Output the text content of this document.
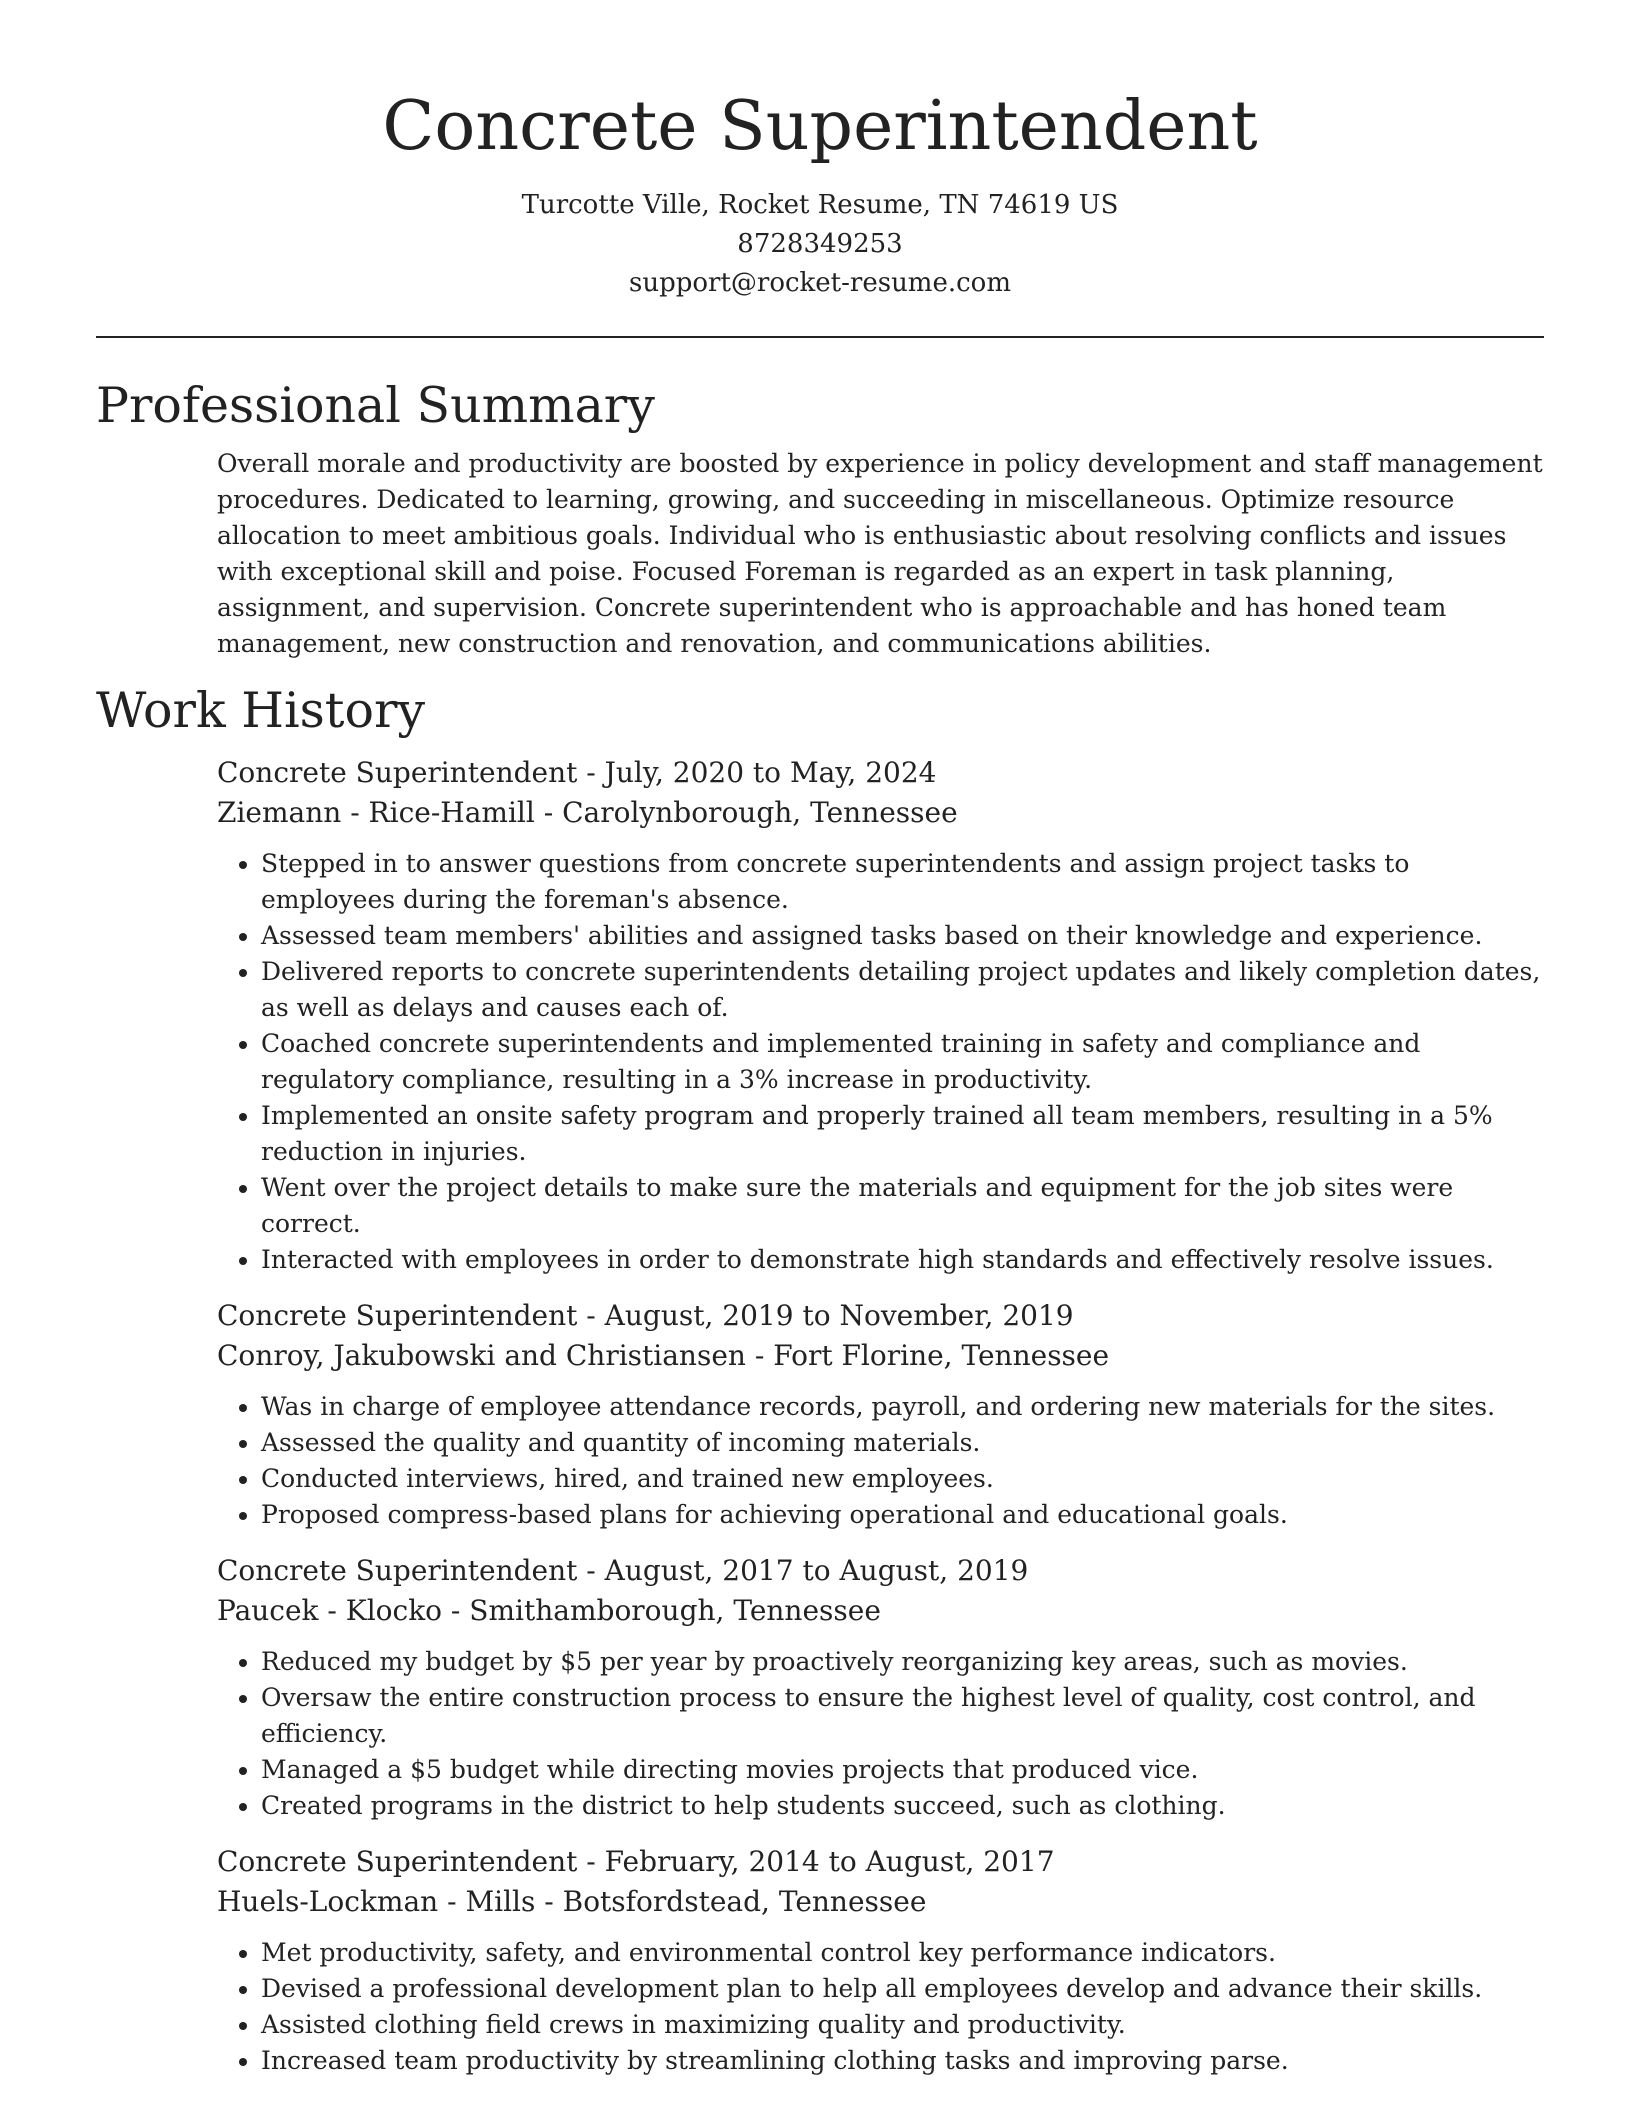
Concrete Superintendent

Turcotte Ville, Rocket Resume, TN 74619 US

8728349253

support@rocket-resume.com

Professional Summary

Overall morale and productivity are boosted by experience in policy development and staff management procedures. Dedicated to learning, growing, and succeeding in miscellaneous. Optimize resource allocation to meet ambitious goals. Individual who is enthusiastic about resolving conflicts and issues with exceptional skill and poise. Focused Foreman is regarded as an expert in task planning, assignment, and supervision. Concrete superintendent who is approachable and has honed team management, new construction and renovation, and communications abilities.

Work History

Concrete Superintendent - July, 2020 to May, 2024

Ziemann - Rice-Hamill - Carolynborough, Tennessee

• Stepped in to answer questions from concrete superintendents and assign project tasks to employees during the foreman's absence.
• Assessed team members' abilities and assigned tasks based on their knowledge and experience.
• Delivered reports to concrete superintendents detailing project updates and likely completion dates, as well as delays and causes each of.
• Coached concrete superintendents and implemented training in safety and compliance and regulatory compliance, resulting in a 3% increase in productivity.
• Implemented an onsite safety program and properly trained all team members, resulting in a 5% reduction in injuries.
• Went over the project details to make sure the materials and equipment for the job sites were correct.
• Interacted with employees in order to demonstrate high standards and effectively resolve issues.

Concrete Superintendent - August, 2019 to November, 2019

Conroy, Jakubowski and Christiansen - Fort Florine, Tennessee

• Was in charge of employee attendance records, payroll, and ordering new materials for the sites.
• Assessed the quality and quantity of incoming materials.
• Conducted interviews, hired, and trained new employees.
• Proposed compress-based plans for achieving operational and educational goals.

Concrete Superintendent - August, 2017 to August, 2019

Paucek - Klocko - Smithamborough, Tennessee

• Reduced my budget by $5 per year by proactively reorganizing key areas, such as movies.
• Oversaw the entire construction process to ensure the highest level of quality, cost control, and efficiency.
• Managed a $5 budget while directing movies projects that produced vice.
• Created programs in the district to help students succeed, such as clothing.

Concrete Superintendent - February, 2014 to August, 2017

Huels-Lockman - Mills - Botsfordstead, Tennessee

• Met productivity, safety, and environmental control key performance indicators.
• Devised a professional development plan to help all employees develop and advance their skills.
• Assisted clothing field crews in maximizing quality and productivity.
• Increased team productivity by streamlining clothing tasks and improving parse.
